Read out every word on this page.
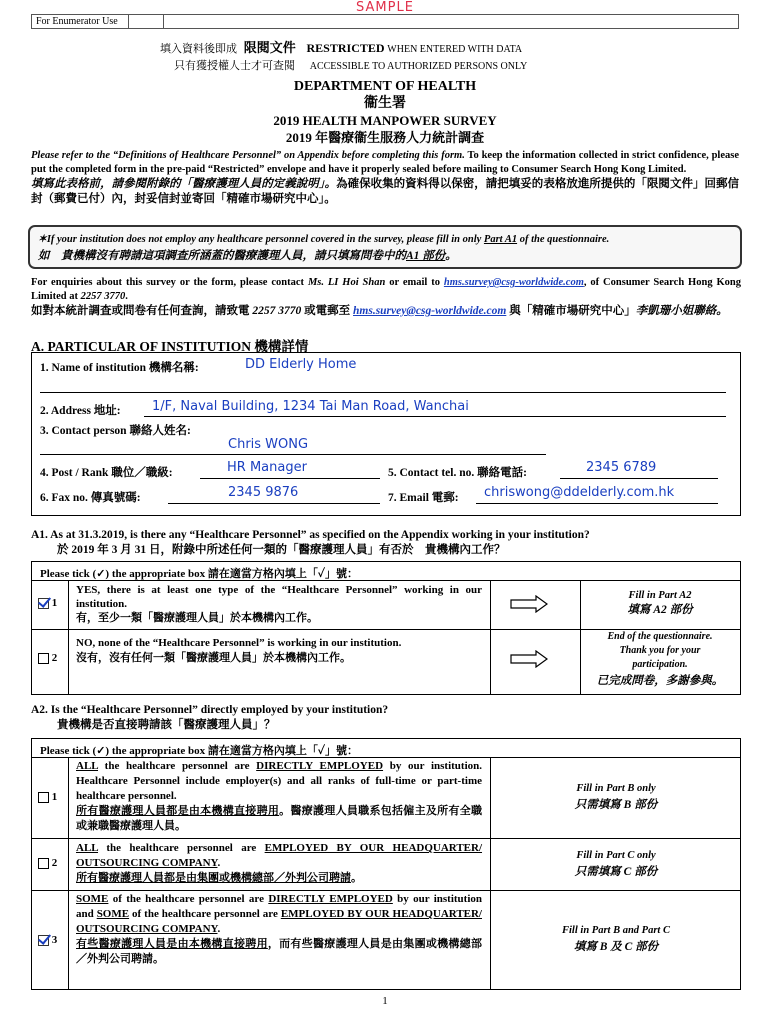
SAMPLE
For Enumerator Use
填入資料後即成 限閱文件 RESTRICTED WHEN ENTERED WITH DATA
只有獲授權人士才可查閱 ACCESSIBLE TO AUTHORIZED PERSONS ONLY
DEPARTMENT OF HEALTH
衞生署
2019 HEALTH MANPOWER SURVEY
2019 年醫療衞生服務人力統計調查
Please refer to the “Definitions of Healthcare Personnel” on Appendix before completing this form. To keep the information collected in strict confidence, please put the completed form in the pre-paid “Restricted” envelope and have it properly sealed before mailing to Consumer Search Hong Kong Limited.
填寫此表格前，請參閱附錄的「醫療護理人員的定義說明」。為確保收集的資料得以保密，請把填妥的表格放進所提供的「限閱文件」回郵信封（郵費已付）內，封妥信封並寄回「精確市場研究中心」。
✶If your institution does not employ any healthcare personnel covered in the survey, please fill in only Part A1 of the questionnaire.
如　貴機構沒有聘請這項調查所涵蓋的醫療護理人員，請只填寫問卷中的A1 部份。
For enquiries about this survey or the form, please contact Ms. LI Hoi Shan or email to hms.survey@csg-worldwide.com, of Consumer Search Hong Kong Limited at 2257 3770.
如對本統計調查或問卷有任何查詢，請致電 2257 3770 或電郵至 hms.survey@csg-worldwide.com 與「精確市場研究中心」李凱珊小姐聯絡。
A. PARTICULAR OF INSTITUTION 機構詳情
1. Name of institution 機構名稱:	DD Elderly Home
2. Address 地址: 1/F, Naval Building, 1234 Tai Man Road, Wanchai
3. Contact person 聯絡人姓名:
Chris WONG
4. Post / Rank 職位／職級:	HR Manager	5. Contact tel. no. 聯絡電話:	2345 6789
6. Fax no. 傳真號碼:	2345 9876	7. Email 電郵: chriswong@ddelderly.com.hk
A1. As at 31.3.2019, is there any “Healthcare Personnel” as specified on the Appendix working in your institution?
於 2019 年 3 月 31 日，附錄中所述任何一類的「醫療護理人員」有否於　貴機構內工作？
Please tick (✓) the appropriate box 請在適當方格內填上「✓」號：
1
YES, there is at least one type of the “Healthcare Personnel” working in our institution.
有，至少一類「醫療護理人員」於本機構內工作。
Fill in Part A2
填寫 A2 部份
2
NO, none of the “Healthcare Personnel” is working in our institution.
沒有，沒有任何一類「醫療護理人員」於本機構內工作。
End of the questionnaire. Thank you for your participation.
已完成問卷，多謝參與。
A2. Is the “Healthcare Personnel” directly employed by your institution?
貴機構是否直接聘請該「醫療護理人員」？
Please tick (✓) the appropriate box 請在適當方格內填上「✓」號：
1
ALL the healthcare personnel are DIRECTLY EMPLOYED by our institution. Healthcare Personnel include employer(s) and all ranks of full-time or part-time healthcare personnel.
所有醫療護理人員都是由本機構直接聘用。醫療護理人員職系包括僱主及所有全職或兼職醫療護理人員。
Fill in Part B only
只需填寫 B 部份
2
ALL the healthcare personnel are EMPLOYED BY OUR HEADQUARTER/ OUTSOURCING COMPANY.
所有醫療護理人員都是由集團或機構總部／外判公司聘請。
Fill in Part C only
只需填寫 C 部份
3
SOME of the healthcare personnel are DIRECTLY EMPLOYED by our institution and SOME of the healthcare personnel are EMPLOYED BY OUR HEADQUARTER/ OUTSOURCING COMPANY.
有些醫療護理人員是由本機構直接聘用，而有些醫療護理人員是由集團或機構總部／外判公司聘請。
Fill in Part B and Part C
填寫 B 及 C 部份
1
